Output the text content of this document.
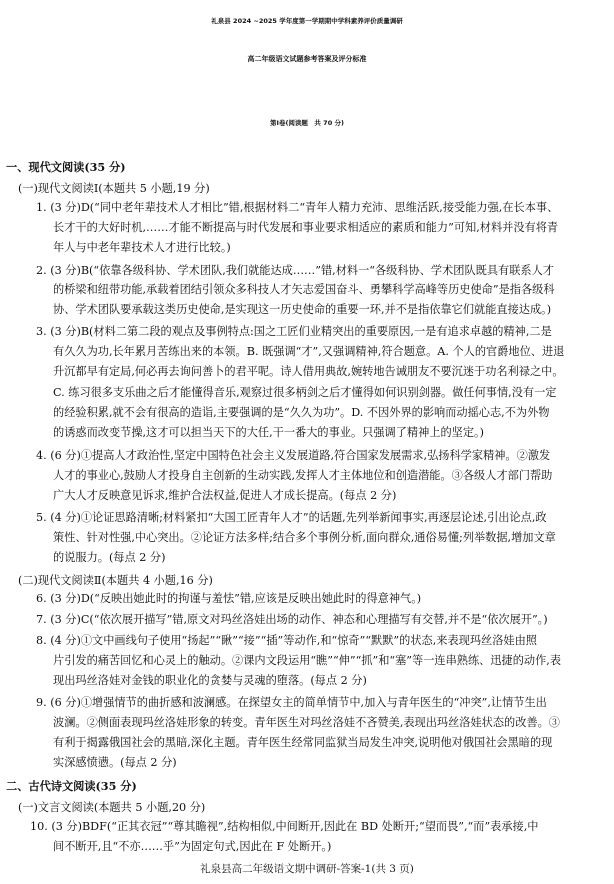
礼泉县 2024 ~2025 学年度第一学期期中学科素养评价质量调研
高二年级语文试题参考答案及评分标准
第Ⅰ卷(阅读题　共 70 分)
一、现代文阅读(35 分)
(一)现代文阅读Ⅰ(本题共 5 小题,19 分)
1. (3 分)D(“同中老年辈技术人才相比”错,根据材料二“青年人精力充沛、思维活跃,接受能力强,在长本事、
长才干的大好时机,……才能不断提高与时代发展和事业要求相适应的素质和能力”可知,材料并没有将青
年人与中老年辈技术人才进行比较。)
2. (3 分)B(“依靠各级科协、学术团队,我们就能达成……”错,材料一“各级科协、学术团队既具有联系人才
的桥梁和纽带功能,承载着团结引领众多科技人才矢志爱国奋斗、勇攀科学高峰等历史使命”是指各级科
协、学术团队要承载这类历史使命,是实现这一历史使命的重要一环,并不是指依靠它们就能直接达成。)
3. (3 分)B(材料二第二段的观点及事例特点:国之工匠们业精突出的重要原因,一是有追求卓越的精神,二是
有久久为功,长年累月苦练出来的本领。B. 既强调“才”,又强调精神,符合题意。A. 个人的官爵地位、进退
升沉都早有定局,何必再去询问善卜的君平呢。诗人借用典故,婉转地告诫朋友不要沉迷于功名利禄之中。
C. 练习很多支乐曲之后才能懂得音乐,观察过很多柄剑之后才懂得如何识别剑器。做任何事情,没有一定
的经验积累,就不会有很高的造诣,主要强调的是“久久为功”。D. 不因外界的影响而动摇心志,不为外物
的诱惑而改变节操,这才可以担当天下的大任,干一番大的事业。只强调了精神上的坚定。)
4. (6 分)①提高人才政治性,坚定中国特色社会主义发展道路,符合国家发展需求,弘扬科学家精神。②激发
人才的事业心,鼓励人才投身自主创新的生动实践,发挥人才主体地位和创造潜能。③各级人才部门帮助
广大人才反映意见诉求,维护合法权益,促进人才成长提高。(每点 2 分)
5. (4 分)①论证思路清晰;材料紧扣“大国工匠青年人才”的话题,先列举新闻事实,再逐层论述,引出论点,政
策性、针对性强,中心突出。②论证方法多样;结合多个事例分析,面向群众,通俗易懂;列举数据,增加文章
的说服力。(每点 2 分)
(二)现代文阅读Ⅱ(本题共 4 小题,16 分)
6. (3 分)D(“反映出她此时的拘谨与羞怯”错,应该是反映出她此时的得意神气。)
7. (3 分)C(“依次展开描写”错,原文对玛丝洛娃出场的动作、神态和心理描写有交替,并不是“依次展开”。)
8. (4 分)①文中画线句子使用“扬起”“瞅”“接”“插”等动作,和“惊奇”“默默”的状态,来表现玛丝洛娃由照
片引发的痛苦回忆和心灵上的触动。②课内文段运用“瞧”“伸”“抓”和“塞”等一连串熟练、迅捷的动作,表
现出玛丝洛娃对金钱的职业化的贪婪与灵魂的堕落。(每点 2 分)
9. (6 分)①增强情节的曲折感和波澜感。在探望女主的简单情节中,加入与青年医生的“冲突”,让情节生出
波澜。②侧面表现玛丝洛娃形象的转变。青年医生对玛丝洛娃不吝赞美,表现出玛丝洛娃状态的改善。③
有利于揭露俄国社会的黑暗,深化主题。青年医生经常同监狱当局发生冲突,说明他对俄国社会黑暗的现
实深感愤懑。(每点 2 分)
二、古代诗文阅读(35 分)
(一)文言文阅读(本题共 5 小题,20 分)
10. (3 分)BDF(“正其衣冠”“尊其瞻视”,结构相似,中间断开,因此在 BD 处断开;“望而畏”,“而”表承接,中
间不断开,且“不亦……乎”为固定句式,因此在 F 处断开。)
礼泉县高二年级语文期中调研-答案-1(共 3 页)
